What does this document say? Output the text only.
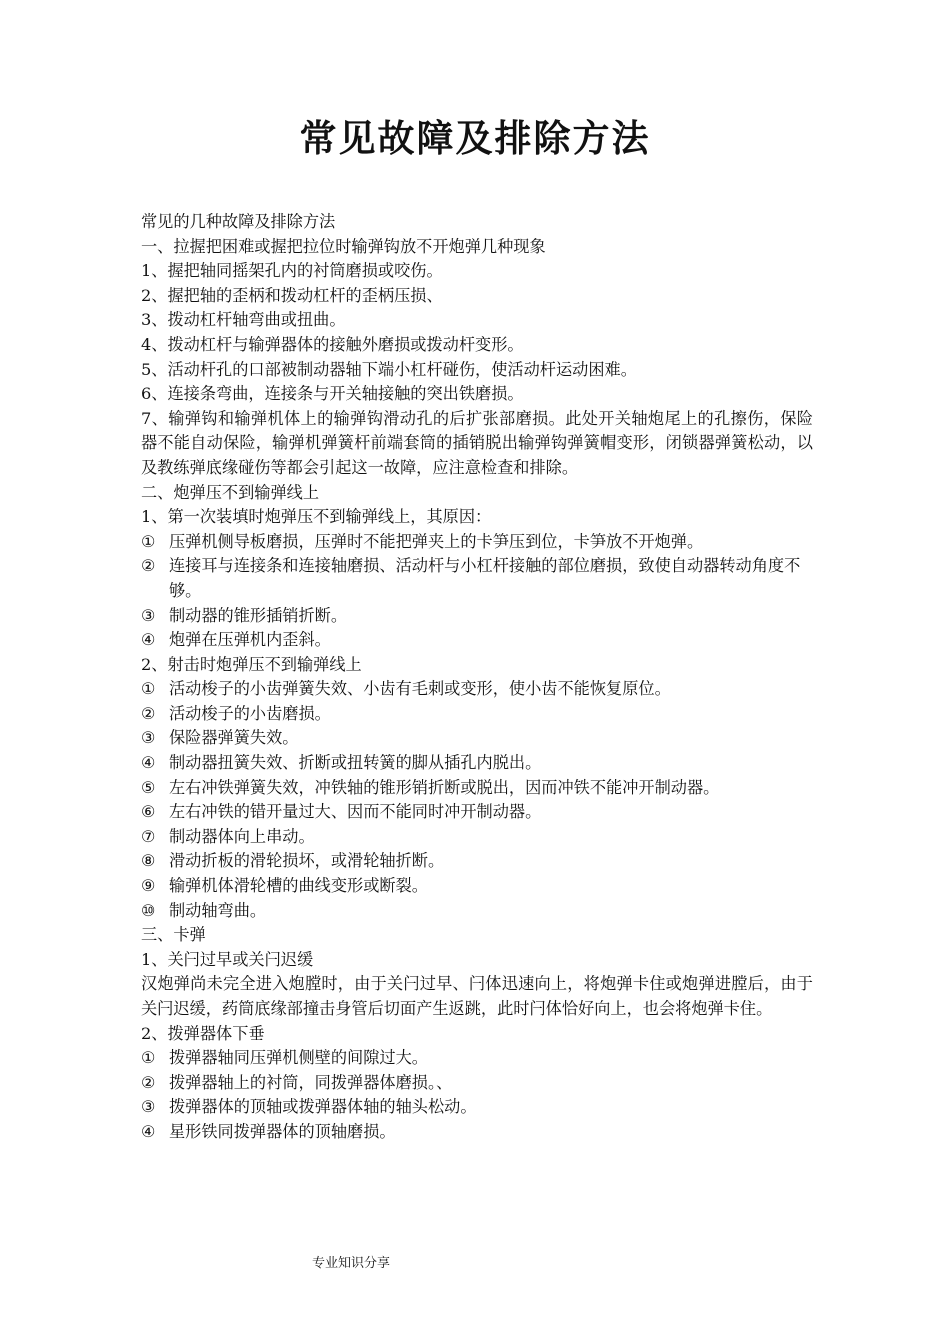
常见故障及排除方法
常见的几种故障及排除方法
一、拉握把困难或握把拉位时输弹钩放不开炮弹几种现象
1、握把轴同摇架孔内的衬筒磨损或咬伤。
2、握把轴的歪柄和拨动杠杆的歪柄压损、
3、拨动杠杆轴弯曲或扭曲。
4、拨动杠杆与输弹器体的接触外磨损或拨动杆变形。
5、活动杆孔的口部被制动器轴下端小杠杆碰伤，使活动杆运动困难。
6、连接条弯曲，连接条与开关轴接触的突出铁磨损。
7、输弹钩和输弹机体上的输弹钩滑动孔的后扩张部磨损。此处开关轴炮尾上的孔擦伤，保险器不能自动保险，输弹机弹簧杆前端套筒的插销脱出输弹钩弹簧帽变形，闭锁器弹簧松动，以及教练弹底缘碰伤等都会引起这一故障，应注意检查和排除。
二、炮弹压不到输弹线上
1、第一次装填时炮弹压不到输弹线上，其原因：
① 压弹机侧导板磨损，压弹时不能把弹夹上的卡笋压到位，卡笋放不开炮弹。
② 连接耳与连接条和连接轴磨损、活动杆与小杠杆接触的部位磨损，致使自动器转动角度不够。
③ 制动器的锥形插销折断。
④ 炮弹在压弹机内歪斜。
2、射击时炮弹压不到输弹线上
① 活动梭子的小齿弹簧失效、小齿有毛刺或变形，使小齿不能恢复原位。
② 活动梭子的小齿磨损。
③ 保险器弹簧失效。
④ 制动器扭簧失效、折断或扭转簧的脚从插孔内脱出。
⑤ 左右冲铁弹簧失效，冲铁轴的锥形销折断或脱出，因而冲铁不能冲开制动器。
⑥ 左右冲铁的错开量过大、因而不能同时冲开制动器。
⑦ 制动器体向上串动。
⑧ 滑动折板的滑轮损坏，或滑轮轴折断。
⑨ 输弹机体滑轮槽的曲线变形或断裂。
⑩ 制动轴弯曲。
三、卡弹
1、关闩过早或关闩迟缓
汉炮弹尚未完全进入炮膛时，由于关闩过早、闩体迅速向上，将炮弹卡住或炮弹进膛后，由于关闩迟缓，药筒底缘部撞击身管后切面产生返跳，此时闩体恰好向上，也会将炮弹卡住。
2、拨弹器体下垂
① 拨弹器轴同压弹机侧壁的间隙过大。
② 拨弹器轴上的衬筒，同拨弹器体磨损。、
③ 拨弹器体的顶轴或拨弹器体轴的轴头松动。
④ 星形铁同拨弹器体的顶轴磨损。
专业知识分享
